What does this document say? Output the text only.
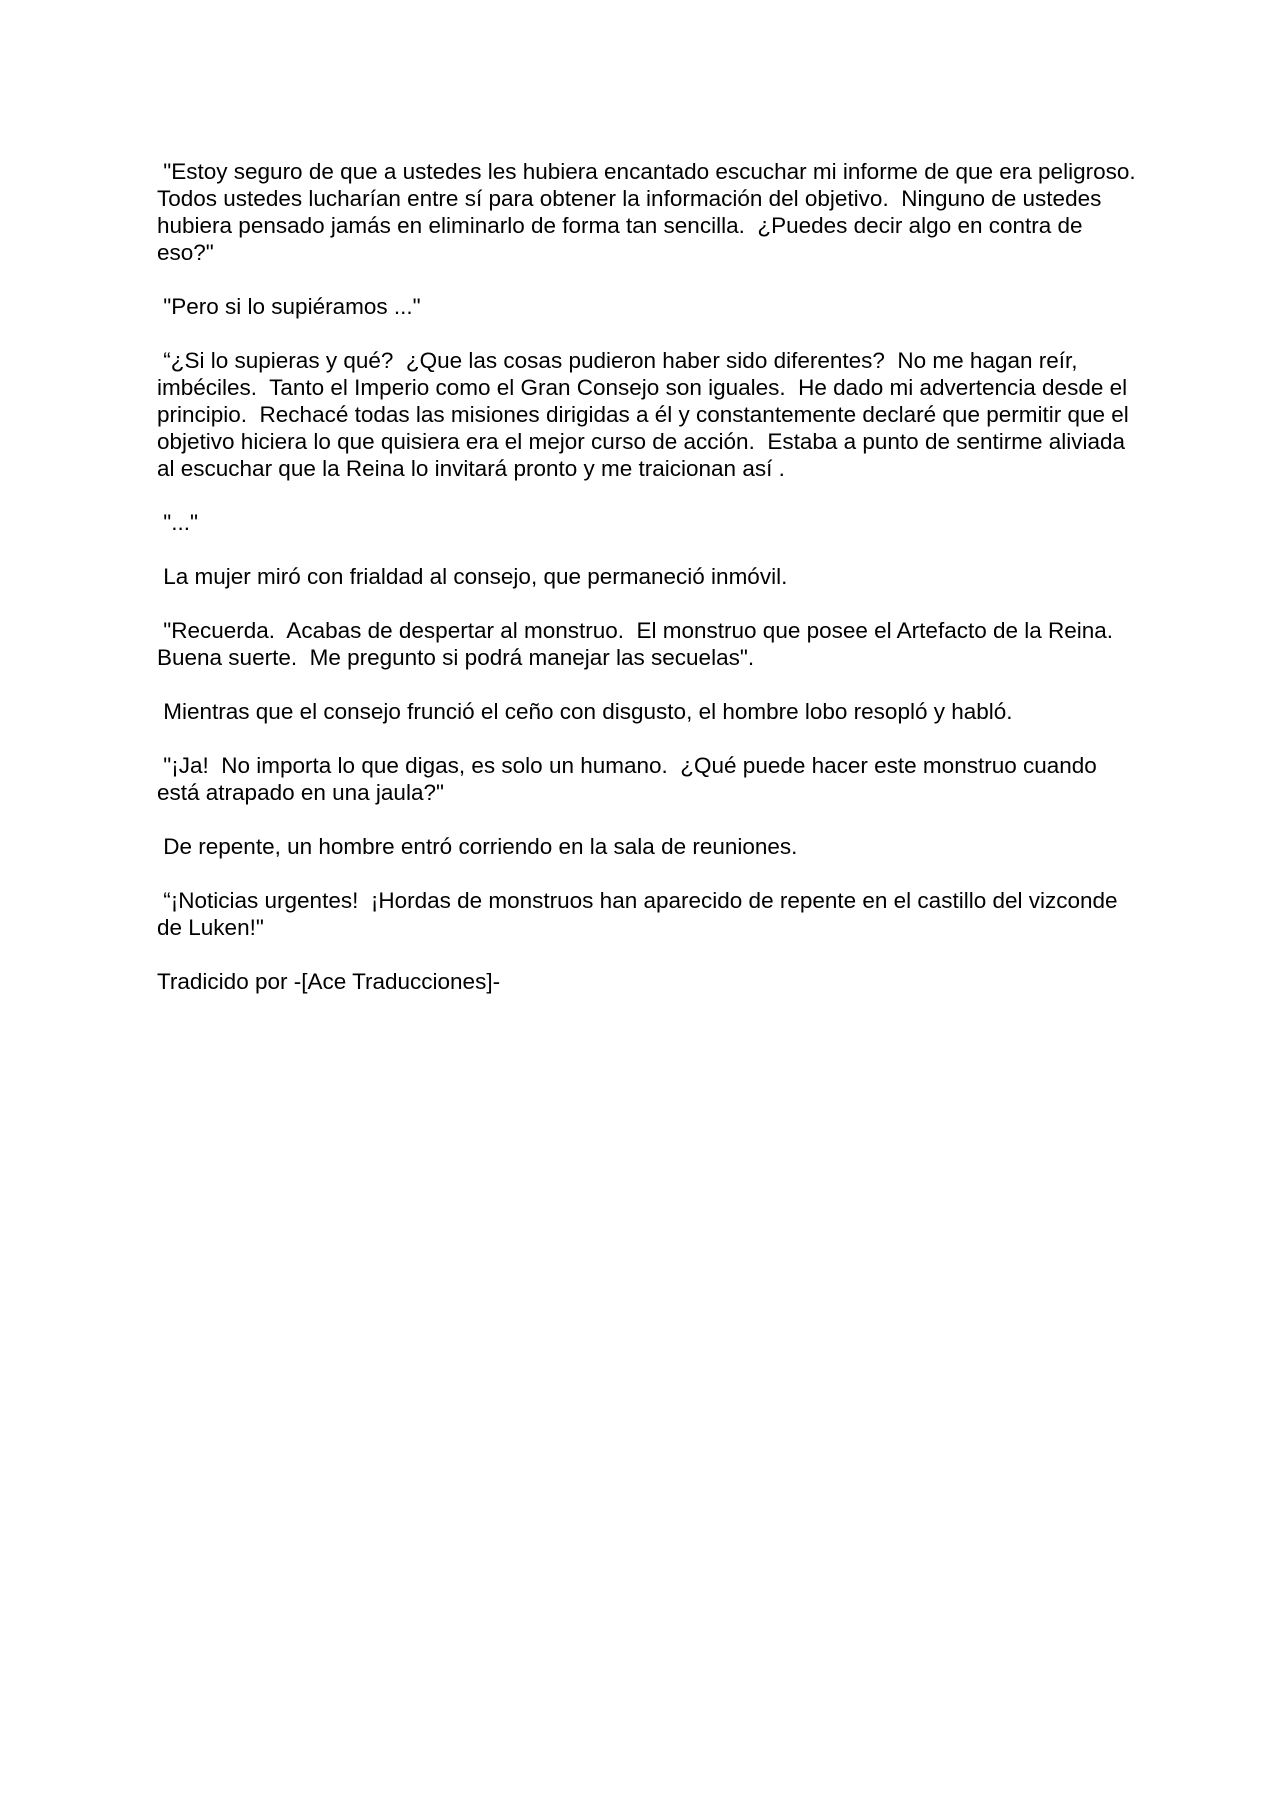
"Estoy seguro de que a ustedes les hubiera encantado escuchar mi informe de que era peligroso.  Todos ustedes lucharían entre sí para obtener la información del objetivo.  Ninguno de ustedes hubiera pensado jamás en eliminarlo de forma tan sencilla.  ¿Puedes decir algo en contra de eso?"

"Pero si lo supiéramos ..."

“¿Si lo supieras y qué?  ¿Que las cosas pudieron haber sido diferentes?  No me hagan reír, imbéciles.  Tanto el Imperio como el Gran Consejo son iguales.  He dado mi advertencia desde el principio.  Rechacé todas las misiones dirigidas a él y constantemente declaré que permitir que el objetivo hiciera lo que quisiera era el mejor curso de acción.  Estaba a punto de sentirme aliviada al escuchar que la Reina lo invitará pronto y me traicionan así .

"..."

La mujer miró con frialdad al consejo, que permaneció inmóvil.

"Recuerda.  Acabas de despertar al monstruo.  El monstruo que posee el Artefacto de la Reina.  Buena suerte.  Me pregunto si podrá manejar las secuelas".

Mientras que el consejo frunció el ceño con disgusto, el hombre lobo resopló y habló.

"¡Ja!  No importa lo que digas, es solo un humano.  ¿Qué puede hacer este monstruo cuando está atrapado en una jaula?"

De repente, un hombre entró corriendo en la sala de reuniones.

“¡Noticias urgentes!  ¡Hordas de monstruos han aparecido de repente en el castillo del vizconde de Luken!"

Tradicido por -[Ace Traducciones]-
